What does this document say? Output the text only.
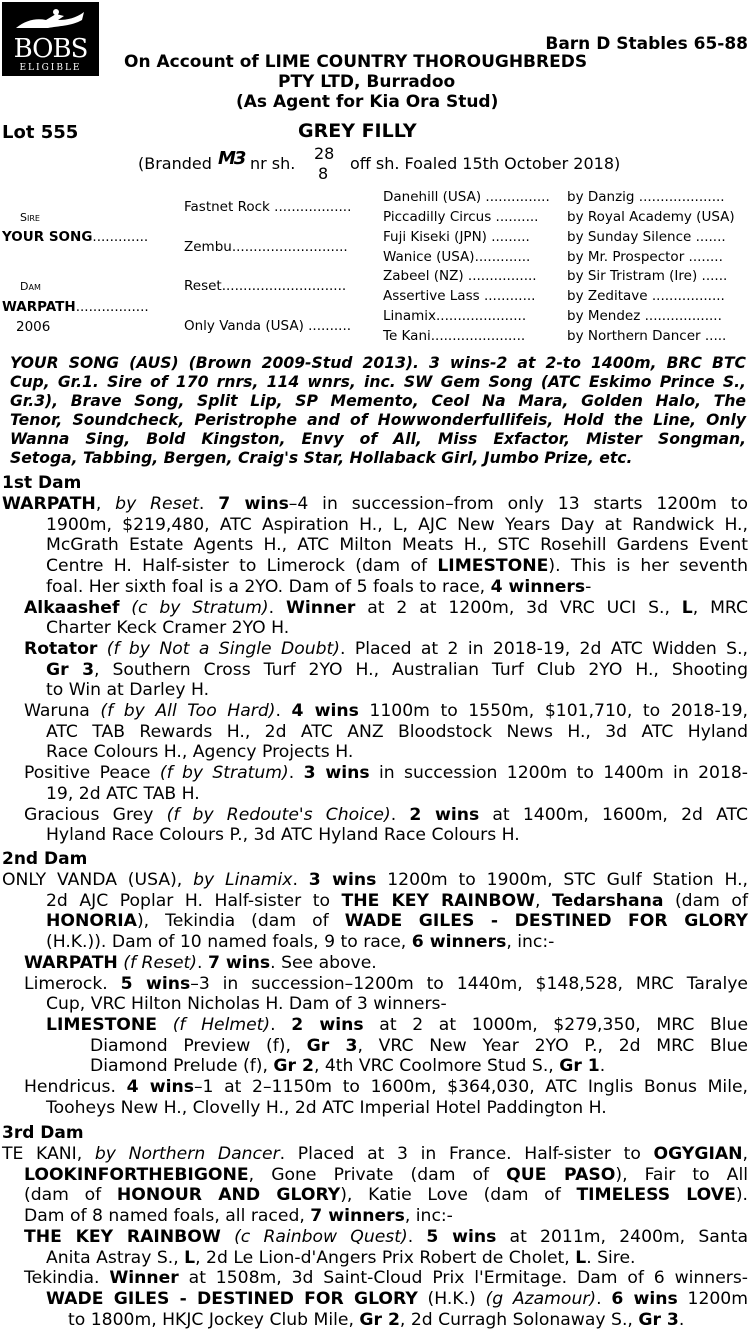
BOBS
ELIGIBLE
Barn D Stables 65-88
On Account of LIME COUNTRY THOROUGHBREDS
PTY LTD, Burradoo
(As Agent for Kia Ora Stud)
Lot 555	GREY FILLY
(Branded M3 nr sh.
28
8
off sh. Foaled 15th October 2018)
Sire
YOUR SONG.............
Dam
WARPATH.................
2006
Fastnet Rock ..................
Zembu...........................
Reset.............................
Only Vanda (USA) ..........
Danehill (USA) ...............
Piccadilly Circus ..........
Fuji Kiseki (JPN) .........
Wanice (USA).............
Zabeel (NZ) ................
Assertive Lass ............
Linamix.....................
Te Kani......................
by Danzig ....................
by Royal Academy (USA)
by Sunday Silence .......
by Mr. Prospector ........
by Sir Tristram (Ire) ......
by Zeditave .................
by Mendez ..................
by Northern Dancer .....
YOUR SONG (AUS) (Brown 2009-Stud 2013). 3 wins-2 at 2-to 1400m, BRC BTC
Cup, Gr.1. Sire of 170 rnrs, 114 wnrs, inc. SW Gem Song (ATC Eskimo Prince S.,
Gr.3), Brave Song, Split Lip, SP Memento, Ceol Na Mara, Golden Halo, The
Tenor, Soundcheck, Peristrophe and of Howwonderfullifeis, Hold the Line, Only
Wanna Sing, Bold Kingston, Envy of All, Miss Exfactor, Mister Songman,
Setoga, Tabbing, Bergen, Craig's Star, Hollaback Girl, Jumbo Prize, etc.
1st Dam
WARPATH, by Reset. 7 wins–4 in succession–from only 13 starts 1200m to
1900m, $219,480, ATC Aspiration H., L, AJC New Years Day at Randwick H.,
McGrath Estate Agents H., ATC Milton Meats H., STC Rosehill Gardens Event
Centre H. Half-sister to Limerock (dam of LIMESTONE). This is her seventh
foal. Her sixth foal is a 2YO. Dam of 5 foals to race, 4 winners-
Alkaashef (c by Stratum). Winner at 2 at 1200m, 3d VRC UCI S., L, MRC
Charter Keck Cramer 2YO H.
Rotator (f by Not a Single Doubt). Placed at 2 in 2018-19, 2d ATC Widden S.,
Gr 3, Southern Cross Turf 2YO H., Australian Turf Club 2YO H., Shooting
to Win at Darley H.
Waruna (f by All Too Hard). 4 wins 1100m to 1550m, $101,710, to 2018-19,
ATC TAB Rewards H., 2d ATC ANZ Bloodstock News H., 3d ATC Hyland
Race Colours H., Agency Projects H.
Positive Peace (f by Stratum). 3 wins in succession 1200m to 1400m in 2018-
19, 2d ATC TAB H.
Gracious Grey (f by Redoute's Choice). 2 wins at 1400m, 1600m, 2d ATC
Hyland Race Colours P., 3d ATC Hyland Race Colours H.
2nd Dam
ONLY VANDA (USA), by Linamix. 3 wins 1200m to 1900m, STC Gulf Station H.,
2d AJC Poplar H. Half-sister to THE KEY RAINBOW, Tedarshana (dam of
HONORIA), Tekindia (dam of WADE GILES - DESTINED FOR GLORY
(H.K.)). Dam of 10 named foals, 9 to race, 6 winners, inc:-
WARPATH (f Reset). 7 wins. See above.
Limerock. 5 wins–3 in succession–1200m to 1440m, $148,528, MRC Taralye
Cup, VRC Hilton Nicholas H. Dam of 3 winners-
LIMESTONE (f Helmet). 2 wins at 2 at 1000m, $279,350, MRC Blue
Diamond Preview (f), Gr 3, VRC New Year 2YO P., 2d MRC Blue
Diamond Prelude (f), Gr 2, 4th VRC Coolmore Stud S., Gr 1.
Hendricus. 4 wins–1 at 2–1150m to 1600m, $364,030, ATC Inglis Bonus Mile,
Tooheys New H., Clovelly H., 2d ATC Imperial Hotel Paddington H.
3rd Dam
TE KANI, by Northern Dancer. Placed at 3 in France. Half-sister to OGYGIAN,
LOOKINFORTHEBIGONE, Gone Private (dam of QUE PASO), Fair to All
(dam of HONOUR AND GLORY), Katie Love (dam of TIMELESS LOVE).
Dam of 8 named foals, all raced, 7 winners, inc:-
THE KEY RAINBOW (c Rainbow Quest). 5 wins at 2011m, 2400m, Santa
Anita Astray S., L, 2d Le Lion-d'Angers Prix Robert de Cholet, L. Sire.
Tekindia. Winner at 1508m, 3d Saint-Cloud Prix l'Ermitage. Dam of 6 winners-
WADE GILES - DESTINED FOR GLORY (H.K.) (g Azamour). 6 wins 1200m
to 1800m, HKJC Jockey Club Mile, Gr 2, 2d Curragh Solonaway S., Gr 3.
